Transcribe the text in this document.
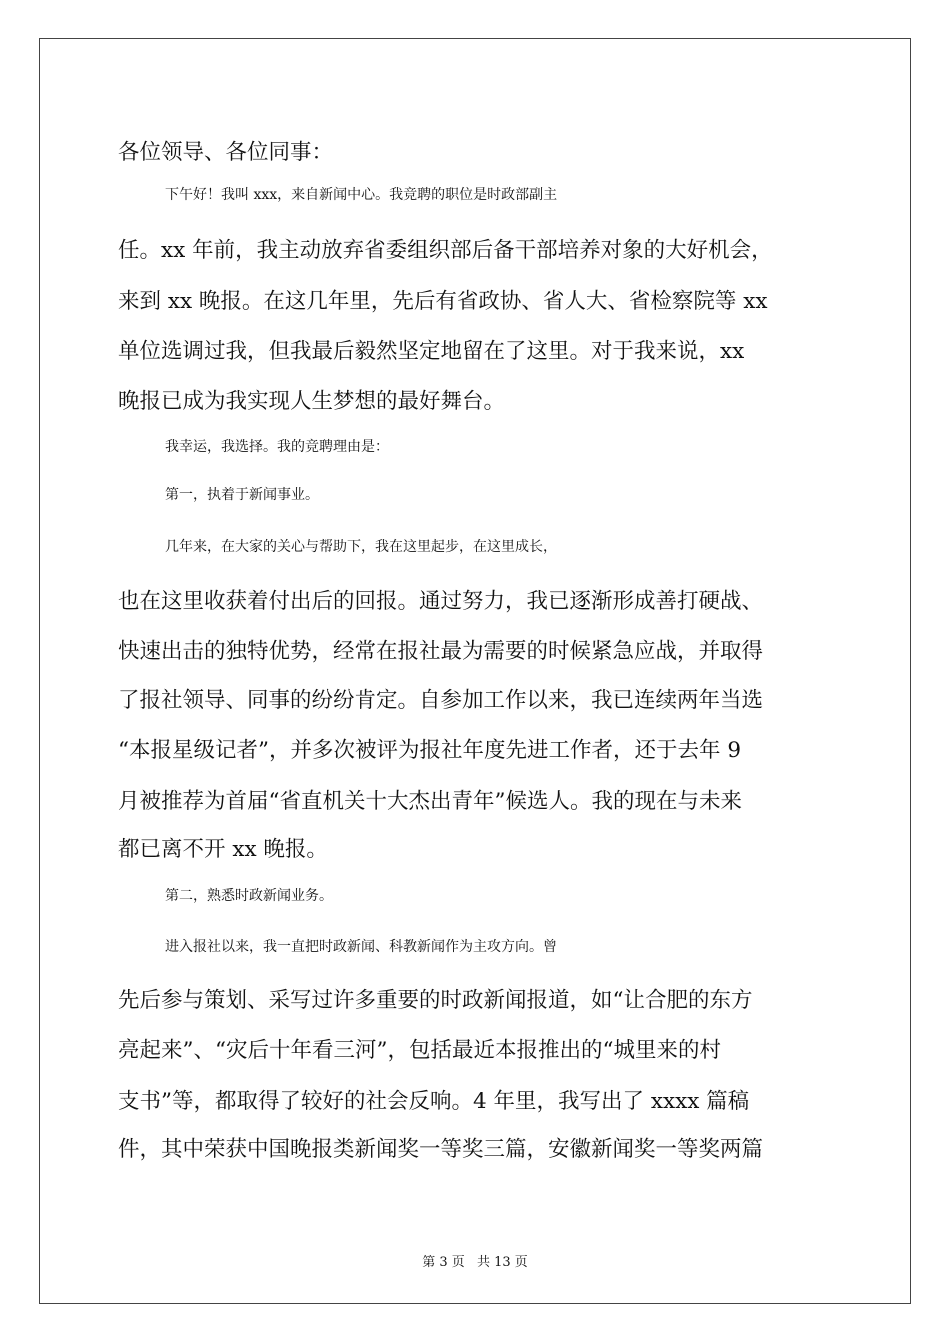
各位领导、各位同事：
下午好！我叫 xxx，来自新闻中心。我竞聘的职位是时政部副主
任。xx 年前，我主动放弃省委组织部后备干部培养对象的大好机会，
来到 xx 晚报。在这几年里，先后有省政协、省人大、省检察院等 xx
单位选调过我，但我最后毅然坚定地留在了这里。对于我来说，xx
晚报已成为我实现人生梦想的最好舞台。
我幸运，我选择。我的竞聘理由是：
第一，执着于新闻事业。
几年来，在大家的关心与帮助下，我在这里起步，在这里成长，
也在这里收获着付出后的回报。通过努力，我已逐渐形成善打硬战、
快速出击的独特优势，经常在报社最为需要的时候紧急应战，并取得
了报社领导、同事的纷纷肯定。自参加工作以来，我已连续两年当选
“本报星级记者”，并多次被评为报社年度先进工作者，还于去年 9
月被推荐为首届“省直机关十大杰出青年”候选人。我的现在与未来
都已离不开 xx 晚报。
第二，熟悉时政新闻业务。
进入报社以来，我一直把时政新闻、科教新闻作为主攻方向。曾
先后参与策划、采写过许多重要的时政新闻报道，如“让合肥的东方
亮起来”、“灾后十年看三河”，包括最近本报推出的“城里来的村
支书”等，都取得了较好的社会反响。4 年里，我写出了 xxxx 篇稿
件，其中荣获中国晚报类新闻奖一等奖三篇，安徽新闻奖一等奖两篇
第 3 页 共 13 页
